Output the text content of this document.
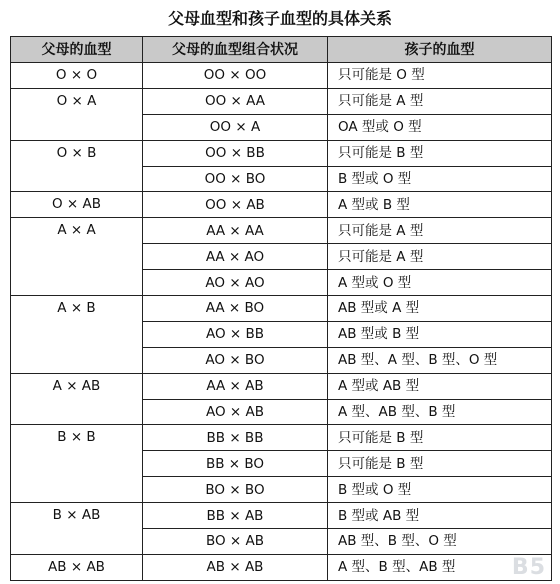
父母血型和孩子血型的具体关系
父母的血型	父母的血型组合状况	孩子的血型
O × O	OO × OO	只可能是 O 型
O × A	OO × AA	只可能是 A 型
	OO × A	OA 型或 O 型
O × B	OO × BB	只可能是 B 型
	OO × BO	B 型或 O 型
O × AB	OO × AB	A 型或 B 型
A × A	AA × AA	只可能是 A 型
	AA × AO	只可能是 A 型
	AO × AO	A 型或 O 型
A × B	AA × BO	AB 型或 A 型
	AO × BB	AB 型或 B 型
	AO × BO	AB 型、A 型、B 型、O 型
A × AB	AA × AB	A 型或 AB 型
	AO × AB	A 型、AB 型、B 型
B × B	BB × BB	只可能是 B 型
	BB × BO	只可能是 B 型
	BO × BO	B 型或 O 型
B × AB	BB × AB	B 型或 AB 型
	BO × AB	AB 型、B 型、O 型
AB × AB	AB × AB	A 型、B 型、AB 型	B5
